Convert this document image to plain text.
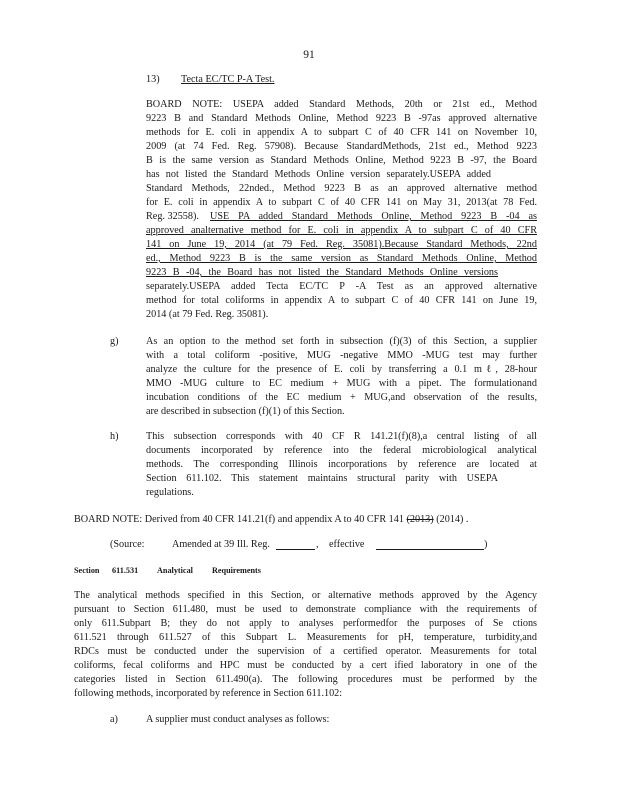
91
13) Tecta EC/TC P-A Test.
BOARD NOTE: USEPA added Standard Methods, 20th or 21st ed., Method
9223 B and Standard Methods Online, Method 9223 B -97as approved alternative
methods for E. coli in appendix A to subpart C of 40 CFR 141 on November 10,
2009 (at 74 Fed. Reg. 57908). Because StandardMethods, 21st ed., Method 9223
B is the same version as Standard Methods Online, Method 9223 B -97, the Board
has not listed the Standard Methods Online version separately.USEPA added
Standard Methods, 22nded., Method 9223 B as an approved alternative method
for E. coli in appendix A to subpart C of 40 CFR 141 on May 31, 2013(at 78 Fed.
Reg. 32558). USE PA added Standard Methods Online, Method 9223 B -04 as
approved analternative method for E. coli in appendix A to subpart C of 40 CFR
141 on June 19, 2014 (at 79 Fed. Reg. 35081).Because Standard Methods, 22nd
ed., Method 9223 B is the same version as Standard Methods Online, Method
9223 B -04, the Board has not listed the Standard Methods Online versions
separately.USEPA added Tecta EC/TC P -A Test as an approved alternative
method for total coliforms in appendix A to subpart C of 40 CFR 141 on June 19,
2014 (at 79 Fed. Reg. 35081).
g)	As an option to the method set forth in subsection (f)(3) of this Section, a supplier
with a total coliform -positive, MUG -negative MMO -MUG test may further
analyze the culture for the presence of E. coli by transferring a 0.1 mℓ, 28-hour
MMO -MUG culture to EC medium + MUG with a pipet. The formulationand
incubation conditions of the EC medium + MUG,and observation of the results,
are described in subsection (f)(1) of this Section.
h)	This subsection corresponds with 40 CF R 141.21(f)(8),a central listing of all
documents incorporated by reference into the federal microbiological analytical
methods. The corresponding Illinois incorporations by reference are located at
Section 611.102. This statement maintains structural parity with USEPA
regulations.
BOARD NOTE: Derived from 40 CFR 141.21(f) and appendix A to 40 CFR 141 (2013) (2014) .
(Source:	Amended at 39 Ill. Reg.	, effective	)
Section 611.531 Analytical Requirements
The analytical methods specified in this Section, or alternative methods approved by the Agency
pursuant to Section 611.480, must be used to demonstrate compliance with the requirements of
only 611.Subpart B; they do not apply to analyses performedfor the purposes of Se ctions
611.521 through 611.527 of this Subpart L. Measurements for pH, temperature, turbidity,and
RDCs must be conducted under the supervision of a certified operator. Measurements for total
coliforms, fecal coliforms and HPC must be conducted by a cert ified laboratory in one of the
categories listed in Section 611.490(a). The following procedures must be performed by the
following methods, incorporated by reference in Section 611.102:
a)	A supplier must conduct analyses as follows:
